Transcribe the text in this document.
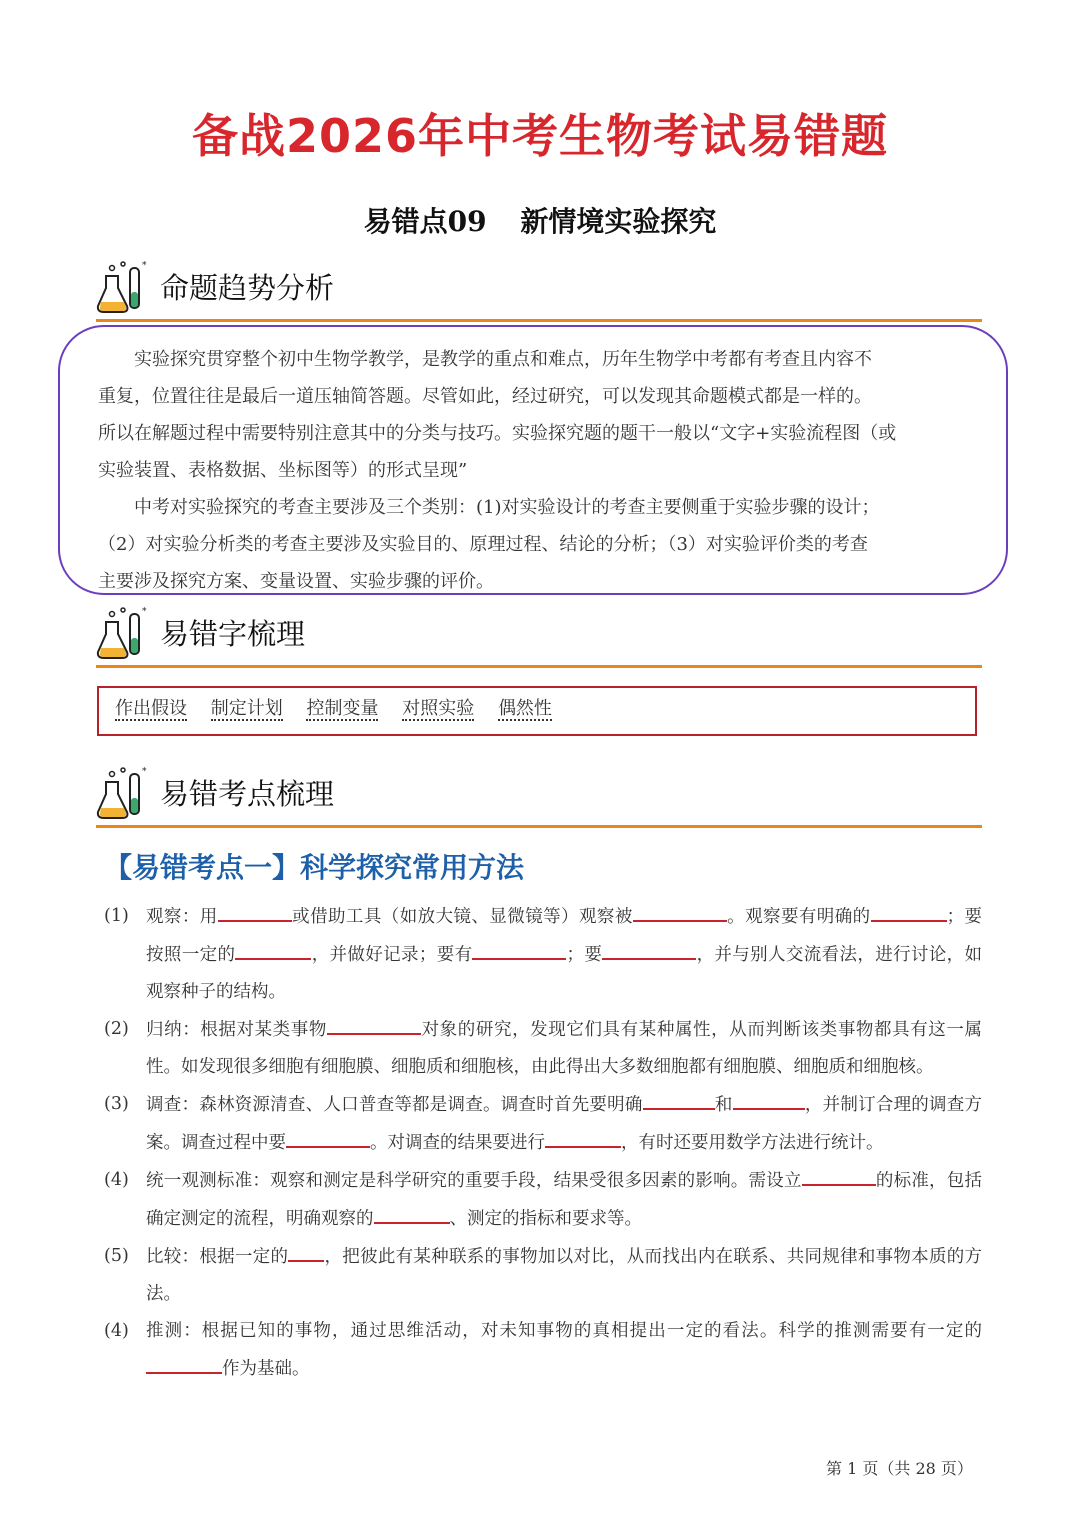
备战2026年中考生物考试易错题
易错点09 新情境实验探究
*
命题趋势分析

实验探究贯穿整个初中生物学教学，是教学的重点和难点，历年生物学中考都有考查且内容不

重复，位置往往是最后一道压轴简答题。尽管如此，经过研究，可以发现其命题模式都是一样的。

所以在解题过程中需要特别注意其中的分类与技巧。实验探究题的题干一般以“文字+实验流程图（或

实验装置、表格数据、坐标图等）的形式呈现”

中考对实验探究的考查主要涉及三个类别：(1)对实验设计的考查主要侧重于实验步骤的设计；

（2）对实验分析类的考查主要涉及实验目的、原理过程、结论的分析；（3）对实验评价类的考查

主要涉及探究方案、变量设置、实验步骤的评价。

*
易错字梳理
作出假设 制定计划 控制变量 对照实验 偶然性
*
易错考点梳理
【易错考点一】科学探究常用方法
(1) 观察：用	或借助工具（如放大镜、显微镜等）观察被	。观察要有明确的	；要按照一定的	，并做好记录；要有	；要	，并与别人交流看法，进行讨论，如观察种子的结构。
(2) 归纳：根据对某类事物	对象的研究，发现它们具有某种属性，从而判断该类事物都具有这一属性。如发现很多细胞有细胞膜、细胞质和细胞核，由此得出大多数细胞都有细胞膜、细胞质和细胞核。
(3) 调查：森林资源清查、人口普查等都是调查。调查时首先要明确	和	，并制订合理的调查方案。调查过程中要	。对调查的结果要进行	，有时还要用数学方法进行统计。
(4) 统一观测标准：观察和测定是科学研究的重要手段，结果受很多因素的影响。需设立	的标准，包括确定测定的流程，明确观察的	、测定的指标和要求等。
(5) 比较：根据一定的 ，把彼此有某种联系的事物加以对比，从而找出内在联系、共同规律和事物本质的方法。
(4) 推测：根据已知的事物，通过思维活动，对未知事物的真相提出一定的看法。科学的推测需要有一定的作为基础。
第 1 页（共 28 页）
